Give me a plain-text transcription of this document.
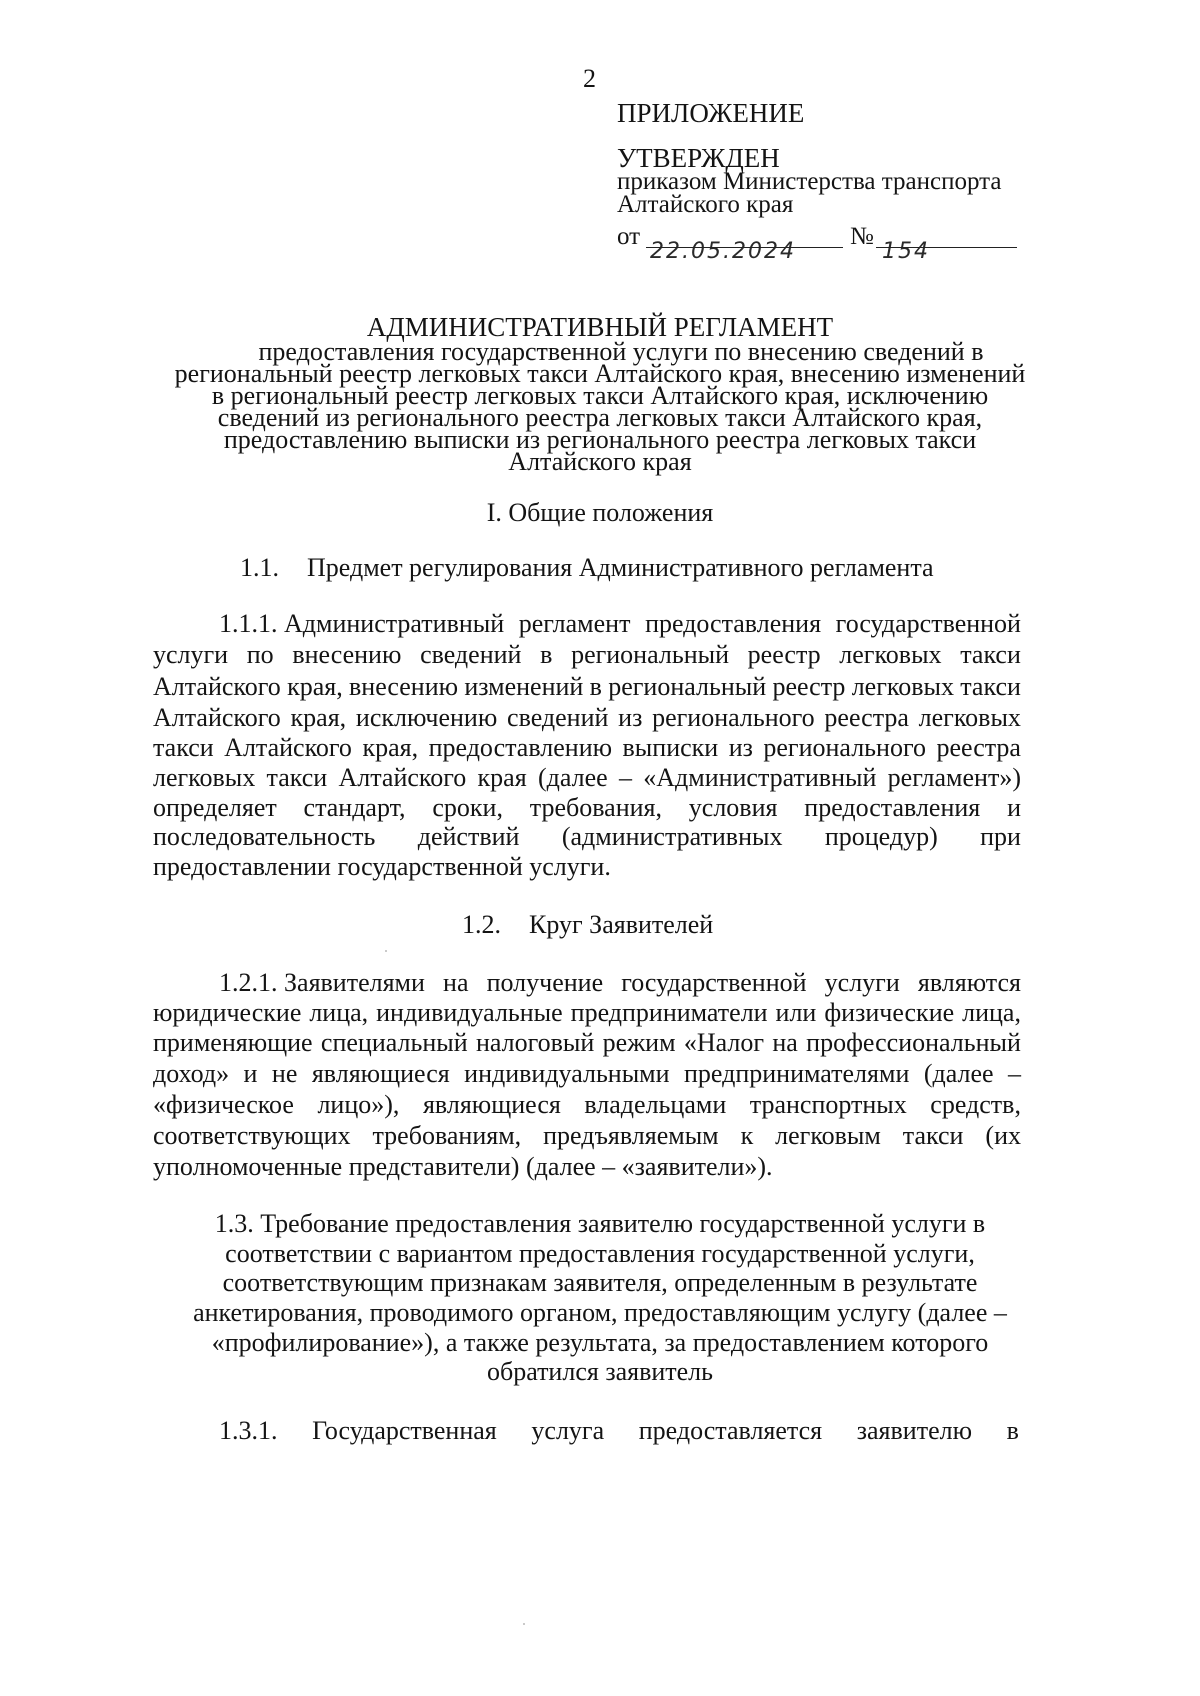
2
ПРИЛОЖЕНИЕ
УТВЕРЖДЕН
приказом Министерства транспорта
Алтайского края
от
22.05.2024
№
154
АДМИНИСТРАТИВНЫЙ РЕГЛАМЕНТ
предоставления государственной услуги по внесению сведений в
региональный реестр легковых такси Алтайского края, внесению изменений
в региональный реестр легковых такси Алтайского края, исключению
сведений из регионального реестра легковых такси Алтайского края,
предоставлению выписки из регионального реестра легковых такси
Алтайского края
I. Общие положения
1.1. Предмет регулирования Административного регламента
1.1.1. Административный регламент предоставления государственной
услуги по внесению сведений в региональный реестр легковых такси
Алтайского края, внесению изменений в региональный реестр легковых такси
Алтайского края, исключению сведений из регионального реестра легковых
такси Алтайского края, предоставлению выписки из регионального реестра
легковых такси Алтайского края (далее – «Административный регламент»)
определяет стандарт, сроки, требования, условия предоставления и
последовательность действий (административных процедур) при
предоставлении государственной услуги.
1.2. Круг Заявителей
1.2.1. Заявителями на получение государственной услуги являются
юридические лица, индивидуальные предприниматели или физические лица,
применяющие специальный налоговый режим «Налог на профессиональный
доход» и не являющиеся индивидуальными предпринимателями (далее –
«физическое лицо»), являющиеся владельцами транспортных средств,
соответствующих требованиям, предъявляемым к легковым такси (их
уполномоченные представители) (далее – «заявители»).
1.3. Требование предоставления заявителю государственной услуги в
соответствии с вариантом предоставления государственной услуги,
соответствующим признакам заявителя, определенным в результате
анкетирования, проводимого органом, предоставляющим услугу (далее –
«профилирование»), а также результата, за предоставлением которого
обратился заявитель
1.3.1. Государственная услуга предоставляется заявителю в
